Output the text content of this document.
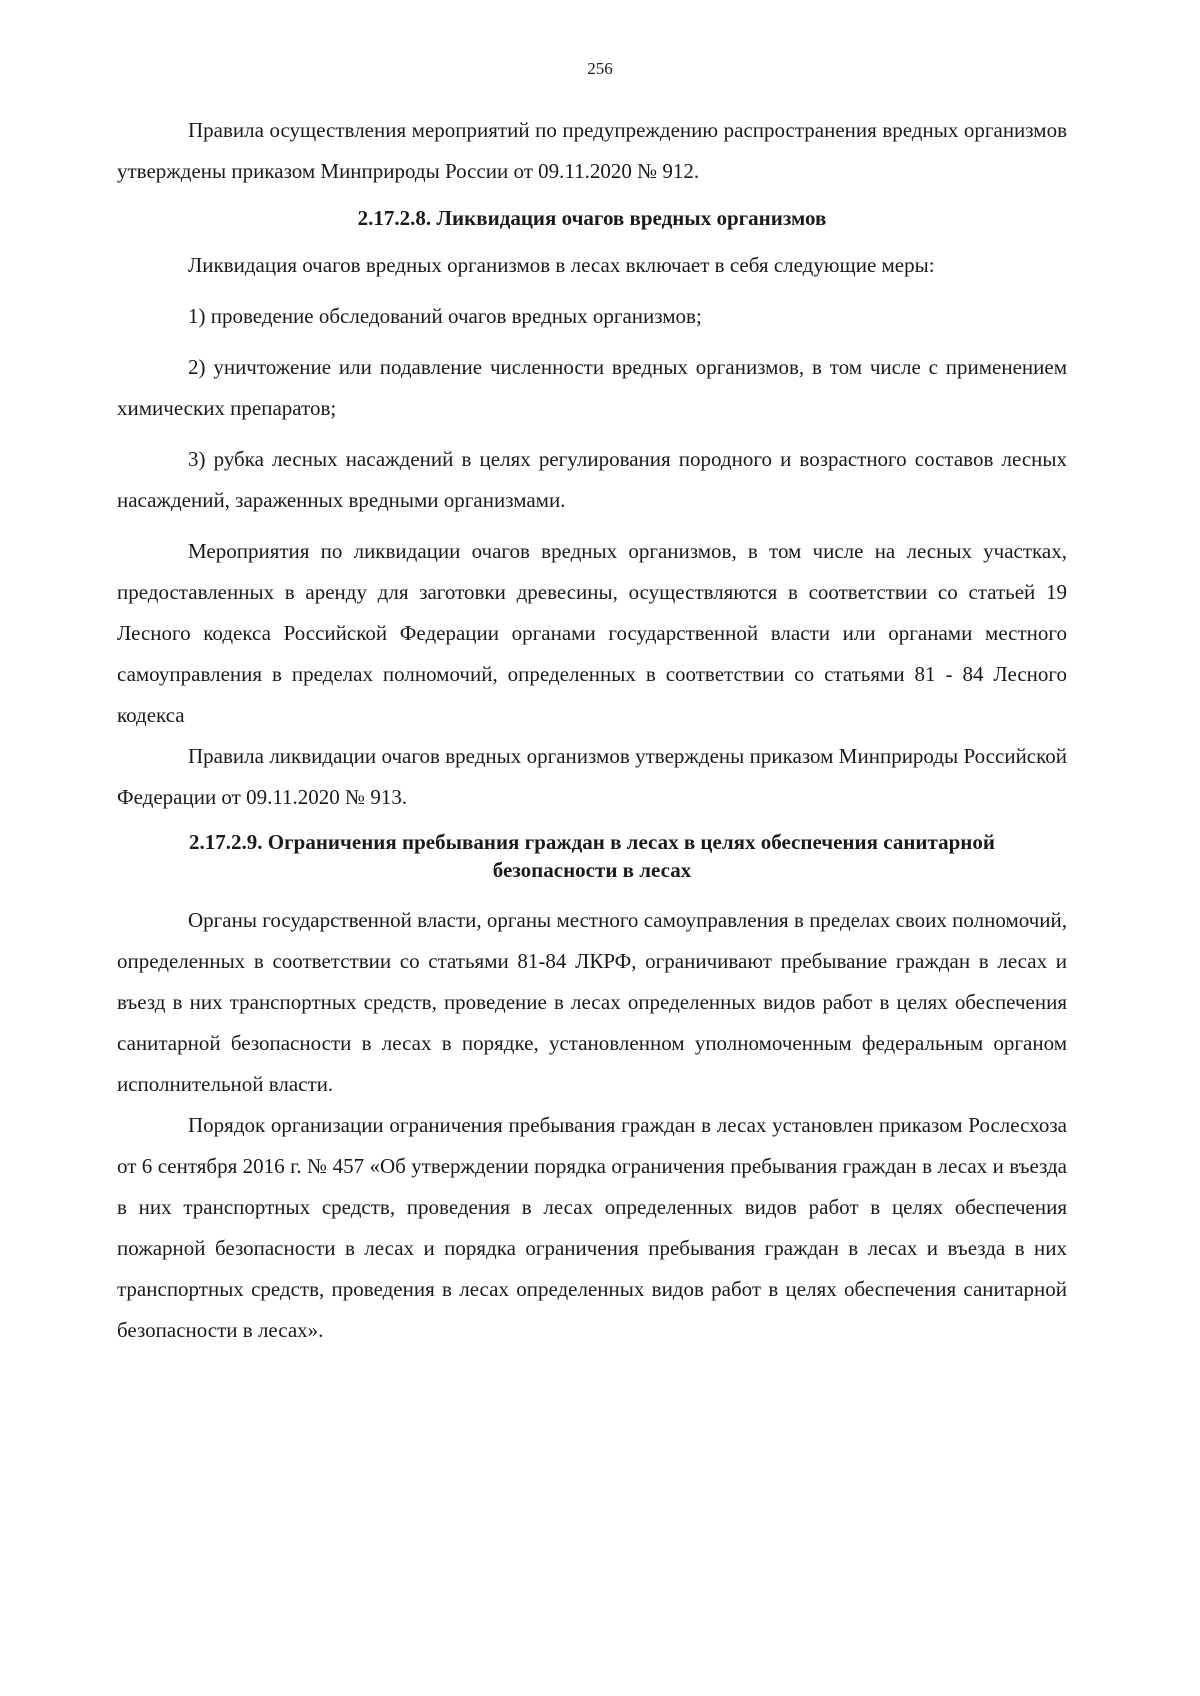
256

Правила осуществления мероприятий по предупреждению распространения вредных организмов утверждены приказом Минприроды России от 09.11.2020 № 912.

2.17.2.8. Ликвидация очагов вредных организмов

Ликвидация очагов вредных организмов в лесах включает в себя следующие меры:

1) проведение обследований очагов вредных организмов;

2) уничтожение или подавление численности вредных организмов, в том числе с применением химических препаратов;

3) рубка лесных насаждений в целях регулирования породного и возрастного составов лесных насаждений, зараженных вредными организмами.

Мероприятия по ликвидации очагов вредных организмов, в том числе на лесных участках, предоставленных в аренду для заготовки древесины, осуществляются в соответствии со статьей 19 Лесного кодекса Российской Федерации органами государственной власти или органами местного самоуправления в пределах полномочий, определенных в соответствии со статьями 81 - 84 Лесного кодекса

Правила ликвидации очагов вредных организмов утверждены приказом Минприроды Российской Федерации от 09.11.2020 № 913.

2.17.2.9. Ограничения пребывания граждан в лесах в целях обеспечения санитарной
безопасности в лесах

Органы государственной власти, органы местного самоуправления в пределах своих полномочий, определенных в соответствии со статьями 81-84 ЛКРФ, ограничивают пребывание граждан в лесах и въезд в них транспортных средств, проведение в лесах определенных видов работ в целях обеспечения санитарной безопасности в лесах в порядке, установленном уполномоченным федеральным органом исполнительной власти.

Порядок организации ограничения пребывания граждан в лесах установлен приказом Рослесхоза от 6 сентября 2016 г. № 457 «Об утверждении порядка ограничения пребывания граждан в лесах и въезда в них транспортных средств, проведения в лесах определенных видов работ в целях обеспечения пожарной безопасности в лесах и порядка ограничения пребывания граждан в лесах и въезда в них транспортных средств, проведения в лесах определенных видов работ в целях обеспечения санитарной безопасности в лесах».
